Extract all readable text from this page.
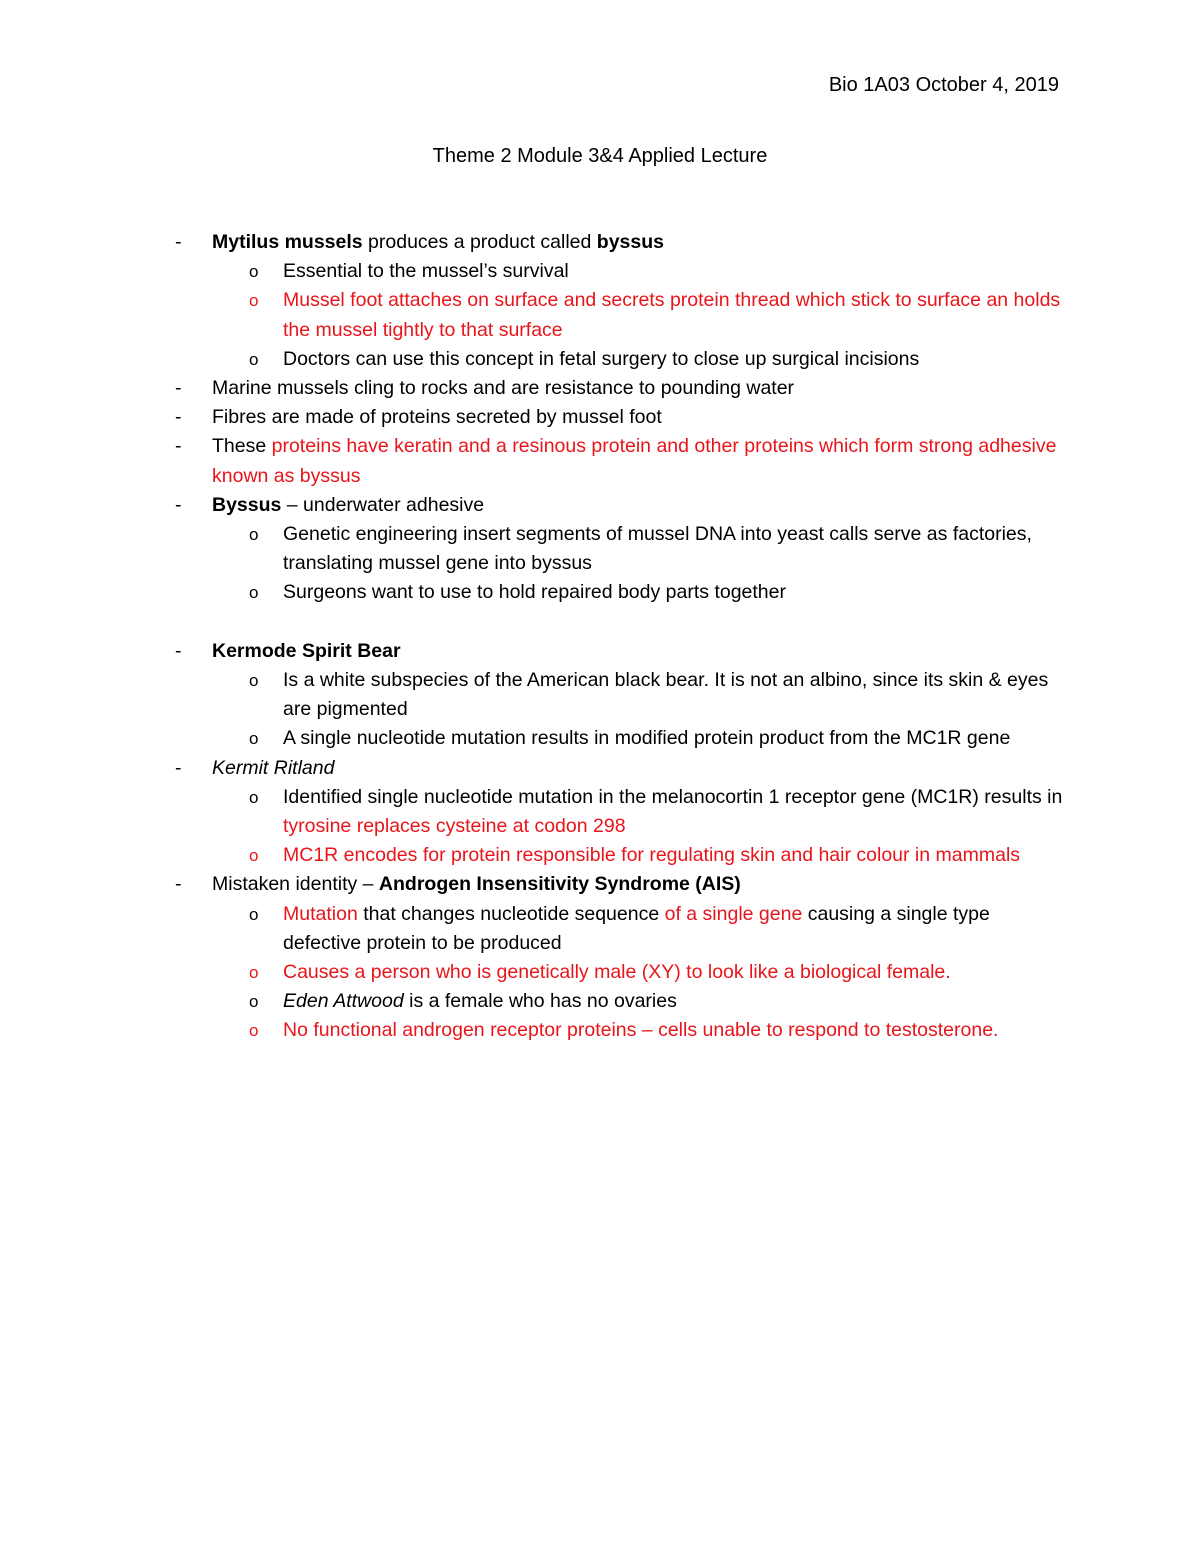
Bio 1A03 October 4, 2019
Theme 2 Module 3&4 Applied Lecture
- Mytilus mussels produces a product called byssus
o Essential to the mussel’s survival
o Mussel foot attaches on surface and secrets protein thread which stick to surface an holds the mussel tightly to that surface
o Doctors can use this concept in fetal surgery to close up surgical incisions
- Marine mussels cling to rocks and are resistance to pounding water
- Fibres are made of proteins secreted by mussel foot
- These proteins have keratin and a resinous protein and other proteins which form strong adhesive known as byssus
- Byssus – underwater adhesive
o Genetic engineering insert segments of mussel DNA into yeast calls serve as factories, translating mussel gene into byssus
o Surgeons want to use to hold repaired body parts together
- Kermode Spirit Bear
o Is a white subspecies of the American black bear. It is not an albino, since its skin & eyes are pigmented
o A single nucleotide mutation results in modified protein product from the MC1R gene
- Kermit Ritland
o Identified single nucleotide mutation in the melanocortin 1 receptor gene (MC1R) results in tyrosine replaces cysteine at codon 298
o MC1R encodes for protein responsible for regulating skin and hair colour in mammals
- Mistaken identity – Androgen Insensitivity Syndrome (AIS)
o Mutation that changes nucleotide sequence of a single gene causing a single type defective protein to be produced
o Causes a person who is genetically male (XY) to look like a biological female.
o Eden Attwood is a female who has no ovaries
o No functional androgen receptor proteins – cells unable to respond to testosterone.
